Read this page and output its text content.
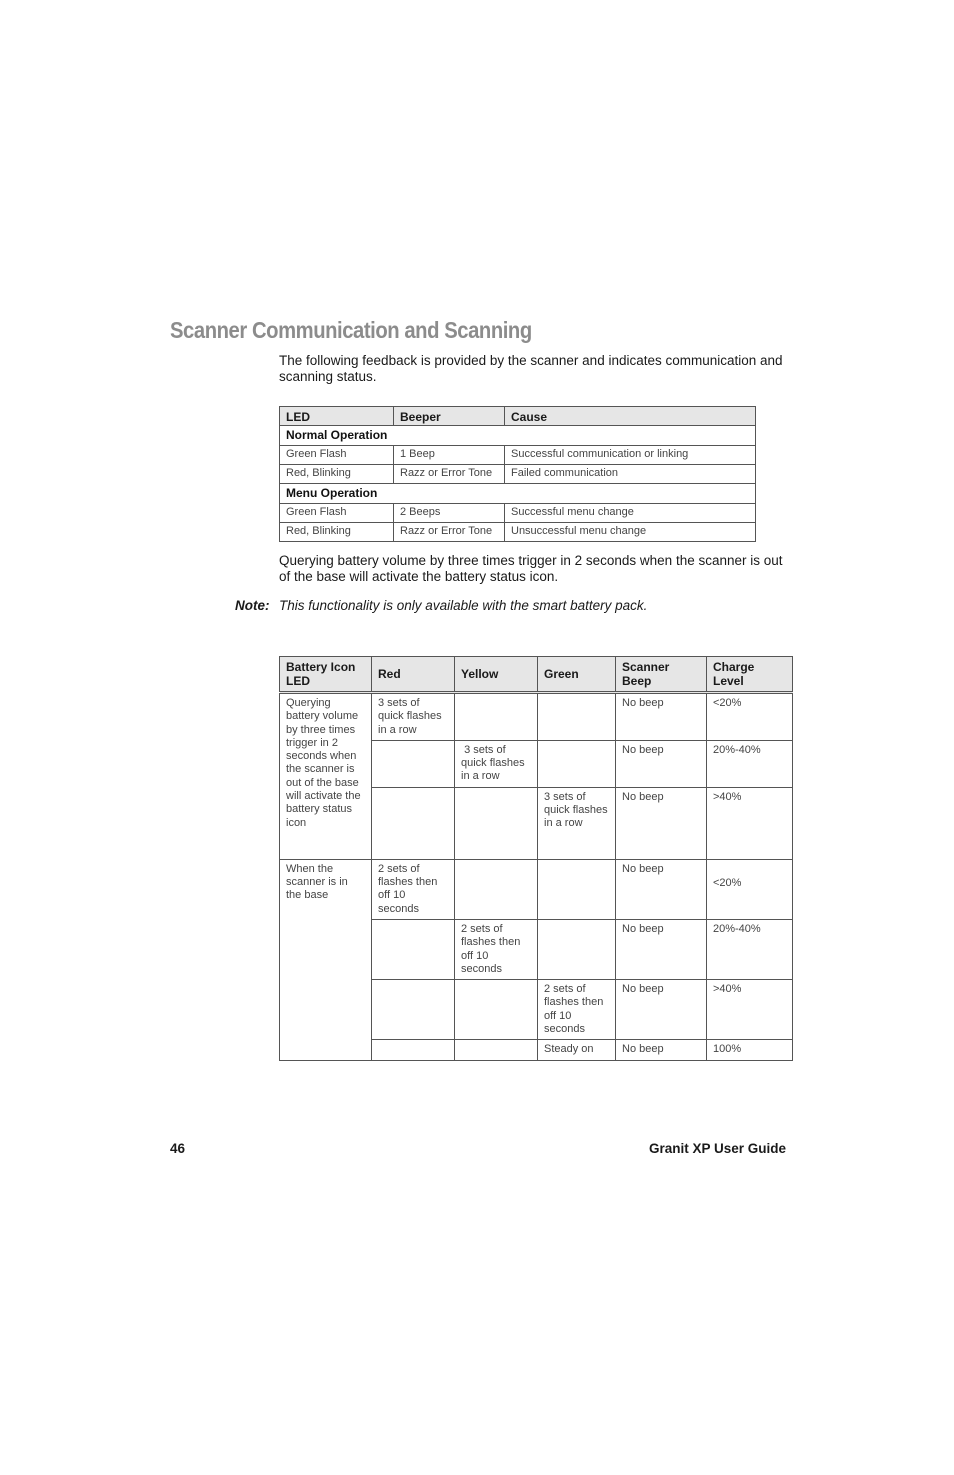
Scanner Communication and Scanning
The following feedback is provided by the scanner and indicates communication and scanning status.
LED	Beeper	Cause
Normal Operation		
Green Flash	1 Beep	Successful communication or linking
Red, Blinking	Razz or Error Tone	Failed communication
Menu Operation		
Green Flash	2 Beeps	Successful menu change
Red, Blinking	Razz or Error Tone	Unsuccessful menu change
Querying battery volume by three times trigger in 2 seconds when the scanner is out of the base will activate the battery status icon.
Note: This functionality is only available with the smart battery pack.
Battery Icon LED	Red	Yellow	Green	Scanner Beep	Charge Level
Querying battery volume by three times trigger in 2 seconds when the scanner is out of the base will activate the battery status icon	3 sets of quick flashes in a row			No beep	<20%
		3 sets of quick flashes in a row		No beep	20%-40%
			3 sets of quick flashes in a row	No beep	>40%
When the scanner is in the base	2 sets of flashes then off 10 seconds			No beep	<20%
		2 sets of flashes then off 10 seconds		No beep	20%-40%
			2 sets of flashes then off 10 seconds	No beep	>40%
			Steady on	No beep	100%
46	Granit XP User Guide
